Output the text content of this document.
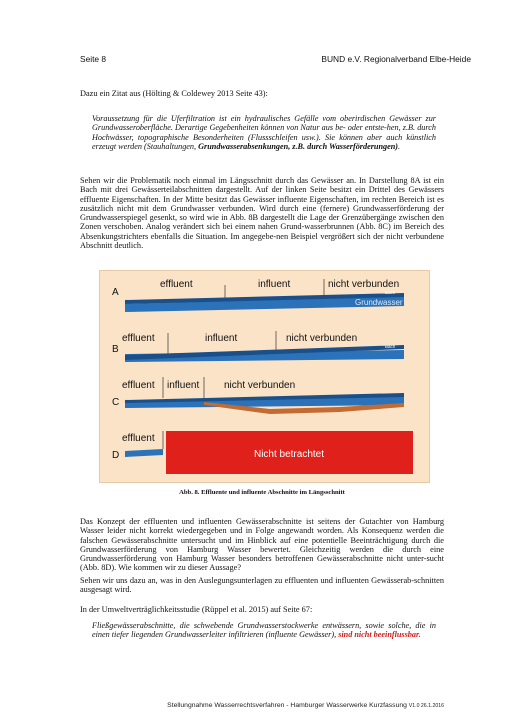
Seite 8	BUND e.V. Regionalverband Elbe-Heide
Dazu ein Zitat aus (Hölting & Coldewey 2013 Seite 43):
Voraussetzung für die Uferfiltration ist ein hydraulisches Gefälle vom oberirdischen Gewässer zur Grundwasseroberfläche. Derartige Gegebenheiten können von Natur aus be- oder entste-hen, z.B. durch Hochwässer, topographische Besonderheiten (Flussschleifen usw.). Sie können aber auch künstlich erzeugt werden (Stauhaltungen, Grundwasserabsenkungen, z.B. durch Wasserförderungen).
Sehen wir die Problematik noch einmal im Längsschnitt durch das Gewässer an. In Darstellung 8A ist ein Bach mit drei Gewässerteilabschnitten dargestellt. Auf der linken Seite besitzt ein Drittel des Gewässers effluente Eigenschaften. In der Mitte besitzt das Gewässer influente Eigenschaften, im rechten Bereich ist es zusätzlich nicht mit dem Grundwasser verbunden. Wird durch eine (fernere) Grundwasserförderung der Grundwasserspiegel gesenkt, so wird wie in Abb. 8B dargestellt die Lage der Grenzübergänge zwischen den Zonen verschoben. Analog verändert sich bei einem nahen Grund-wasserbrunnen (Abb. 8C) im Bereich des Absenkungstrichters ebenfalls die Situation. Im angegebe-nen Beispiel vergrößert sich der nicht verbundene Abschnitt deutlich.
A
effluent	influent	nicht verbunden
Bach
Grundwasser
B
effluent	influent	nicht verbunden
Bach
C
effluent influent nicht verbunden
D
effluent
Nicht betrachtet
Abb. 8. Effluente und influente Abschnitte im Längsschnitt
Das Konzept der effluenten und influenten Gewässerabschnitte ist seitens der Gutachter von Hamburg Wasser leider nicht korrekt wiedergegeben und in Folge angewandt worden. Als Konsequenz werden die falschen Gewässerabschnitte untersucht und im Hinblick auf eine potentielle Beeinträchtigung durch die Grundwasserförderung von Hamburg Wasser bewertet. Gleichzeitig werden die durch eine Grundwasserförderung von Hamburg Wasser besonders betroffenen Gewässerabschnitte nicht unter-sucht (Abb. 8D). Wie kommen wir zu dieser Aussage?
Sehen wir uns dazu an, was in den Auslegungsunterlagen zu effluenten und influenten Gewässerab-schnitten ausgesagt wird.
In der Umweltverträglichkeitsstudie (Rüppel et al. 2015) auf Seite 67:
Fließgewässerabschnitte, die schwebende Grundwasserstockwerke entwässern, sowie solche, die in einen tiefer liegenden Grundwasserleiter infiltrieren (influente Gewässer), sind nicht beeinflussbar.
Stellungnahme Wasserrechtsverfahren - Hamburger Wasserwerke Kurzfassung V1.0 26.1.2016
